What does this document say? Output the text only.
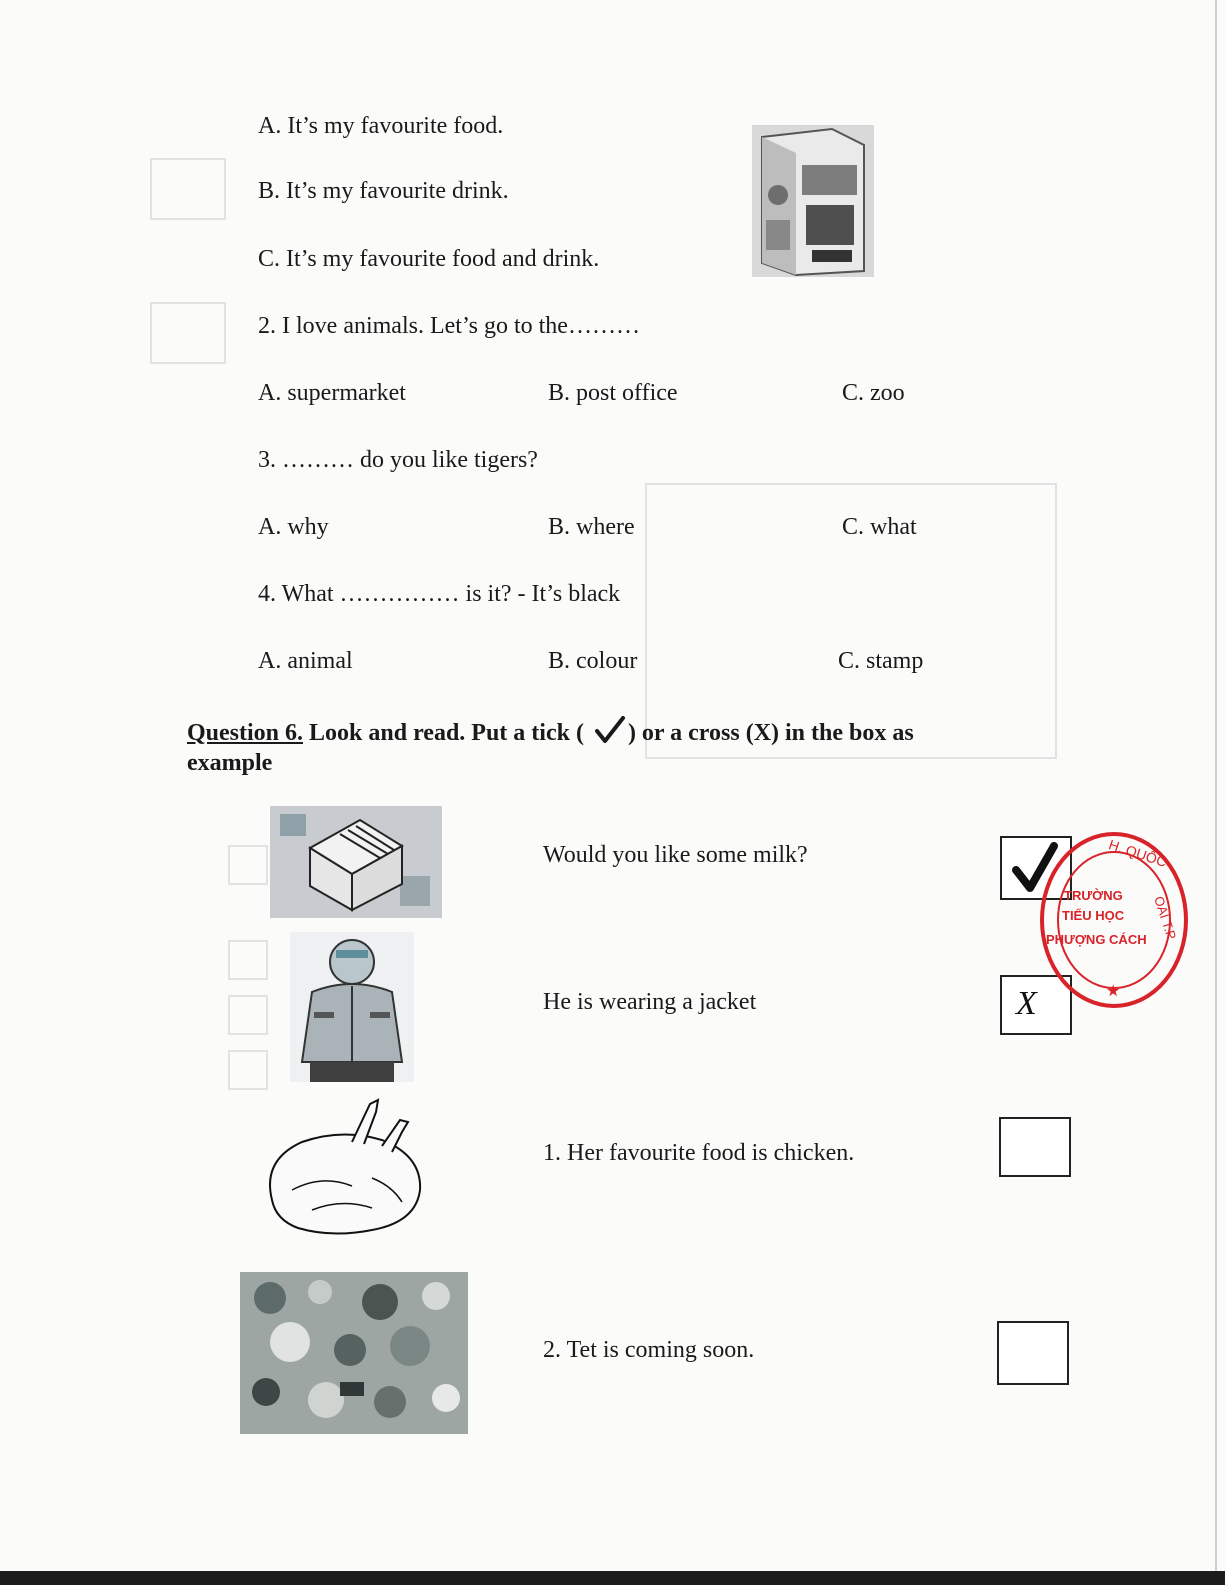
A. It’s my favourite food.
B. It’s my favourite drink.
C. It’s my favourite food and drink.
2. I love animals. Let’s go to the………
A. supermarket	B. post office	C. zoo
3. ……… do you like tigers?
A. why	B. where	C. what
4. What …………… is it? - It’s black
A. animal	B. colour	C. stamp
Question 6. Look and read. Put a tick ( ) or a cross (X) in the box as
example
Would you like some milk?
He is wearing a jacket	X
1. Her favourite food is chicken.
2. Tet is coming soon.
H. QUỐC
OAI T.P
TRƯỜNG
TIỂU HỌC
PHƯỢNG CÁCH
★
